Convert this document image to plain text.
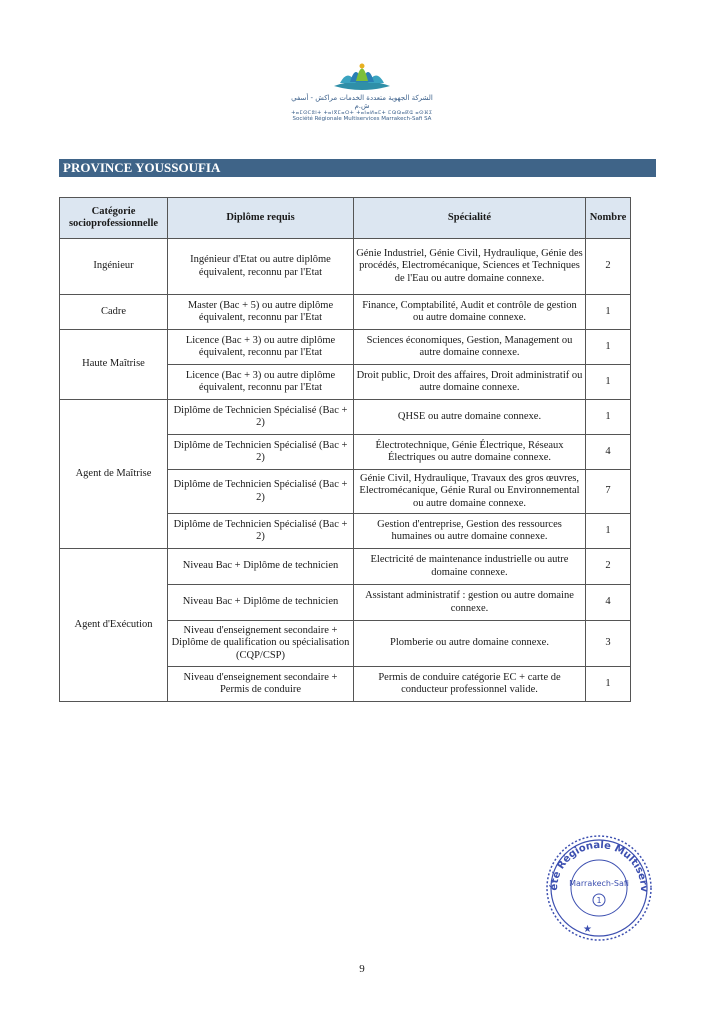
الشركة الجهوية متعددة الخدمات مراكش - أسفي ش.م
ⵜⴰⵎⵙⵎⵓⵏⵜ ⵜⴰⵏⴳⵎⴰⵔⵜ ⵜⴰⵏⴰⵍⴰⵎⵜ ⵎⵕⵕⴰⴽⵛ ⴰⵙⴼⵉ
Société Régionale Multiservices Marrakech-Safi SA
PROVINCE YOUSSOUFIA
Catégorie socioprofessionnelle	Diplôme requis	Spécialité	Nombre
Ingénieur	Ingénieur d'Etat ou autre diplôme équivalent, reconnu par l'Etat	Génie Industriel, Génie Civil, Hydraulique, Génie des procédés, Electromécanique, Sciences et Techniques de l'Eau ou autre domaine connexe.	2
Cadre	Master (Bac + 5) ou autre diplôme équivalent, reconnu par l'Etat	Finance, Comptabilité, Audit et contrôle de gestion ou autre domaine connexe.	1
Haute Maîtrise	Licence (Bac + 3) ou autre diplôme équivalent, reconnu par l'Etat	Sciences économiques, Gestion, Management ou autre domaine connexe.	1
	Licence (Bac + 3) ou autre diplôme équivalent, reconnu par l'Etat	Droit public, Droit des affaires, Droit administratif ou autre domaine connexe.	1
Agent de Maîtrise	Diplôme de Technicien Spécialisé (Bac + 2)	QHSE ou autre domaine connexe.	1
	Diplôme de Technicien Spécialisé (Bac + 2)	Électrotechnique, Génie Électrique, Réseaux Électriques ou autre domaine connexe.	4
	Diplôme de Technicien Spécialisé (Bac + 2)	Génie Civil, Hydraulique, Travaux des gros œuvres, Electromécanique, Génie Rural ou Environnemental ou autre domaine connexe.	7
	Diplôme de Technicien Spécialisé (Bac + 2)	Gestion d'entreprise, Gestion des ressources humaines ou autre domaine connexe.	1
Agent d'Exécution	Niveau Bac + Diplôme de technicien	Electricité de maintenance industrielle ou autre domaine connexe.	2
	Niveau Bac + Diplôme de technicien	Assistant administratif : gestion ou autre domaine connexe.	4
	Niveau d'enseignement secondaire + Diplôme de qualification ou spécialisation (CQP/CSP)	Plomberie ou autre domaine connexe.	3
	Niveau d'enseignement secondaire + Permis de conduire	Permis de conduire catégorie EC + carte de conducteur professionnel valide.	1
été Régionale Multiserv
Marrakech-Safi
1
★
9
